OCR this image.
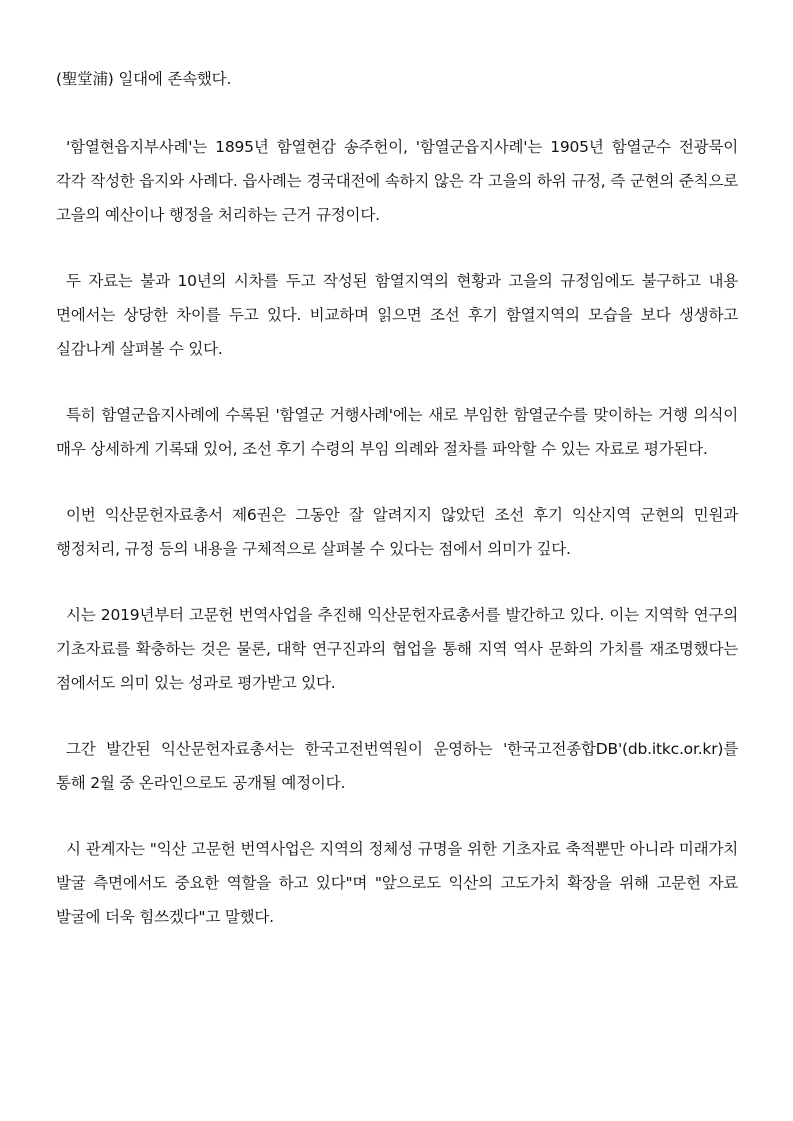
(聖堂浦) 일대에 존속했다.

'함열현읍지부사례'는 1895년 함열현감 송주헌이, '함열군읍지사례'는 1905년 함열군수 전광묵이 각각 작성한 읍지와 사례다. 읍사례는 경국대전에 속하지 않은 각 고을의 하위 규정, 즉 군현의 준칙으로 고을의 예산이나 행정을 처리하는 근거 규정이다.

두 자료는 불과 10년의 시차를 두고 작성된 함열지역의 현황과 고을의 규정임에도 불구하고 내용 면에서는 상당한 차이를 두고 있다. 비교하며 읽으면 조선 후기 함열지역의 모습을 보다 생생하고 실감나게 살펴볼 수 있다.

특히 함열군읍지사례에 수록된 '함열군 거행사례'에는 새로 부임한 함열군수를 맞이하는 거행 의식이 매우 상세하게 기록돼 있어, 조선 후기 수령의 부임 의례와 절차를 파악할 수 있는 자료로 평가된다.

이번 익산문헌자료총서 제6권은 그동안 잘 알려지지 않았던 조선 후기 익산지역 군현의 민원과 행정처리, 규정 등의 내용을 구체적으로 살펴볼 수 있다는 점에서 의미가 깊다.

시는 2019년부터 고문헌 번역사업을 추진해 익산문헌자료총서를 발간하고 있다. 이는 지역학 연구의 기초자료를 확충하는 것은 물론, 대학 연구진과의 협업을 통해 지역 역사 문화의 가치를 재조명했다는 점에서도 의미 있는 성과로 평가받고 있다.

그간 발간된 익산문헌자료총서는 한국고전번역원이 운영하는 '한국고전종합DB'(db.itkc.or.kr)를 통해 2월 중 온라인으로도 공개될 예정이다.

시 관계자는 "익산 고문헌 번역사업은 지역의 정체성 규명을 위한 기초자료 축적뿐만 아니라 미래가치 발굴 측면에서도 중요한 역할을 하고 있다"며 "앞으로도 익산의 고도가치 확장을 위해 고문헌 자료 발굴에 더욱 힘쓰겠다"고 말했다.
